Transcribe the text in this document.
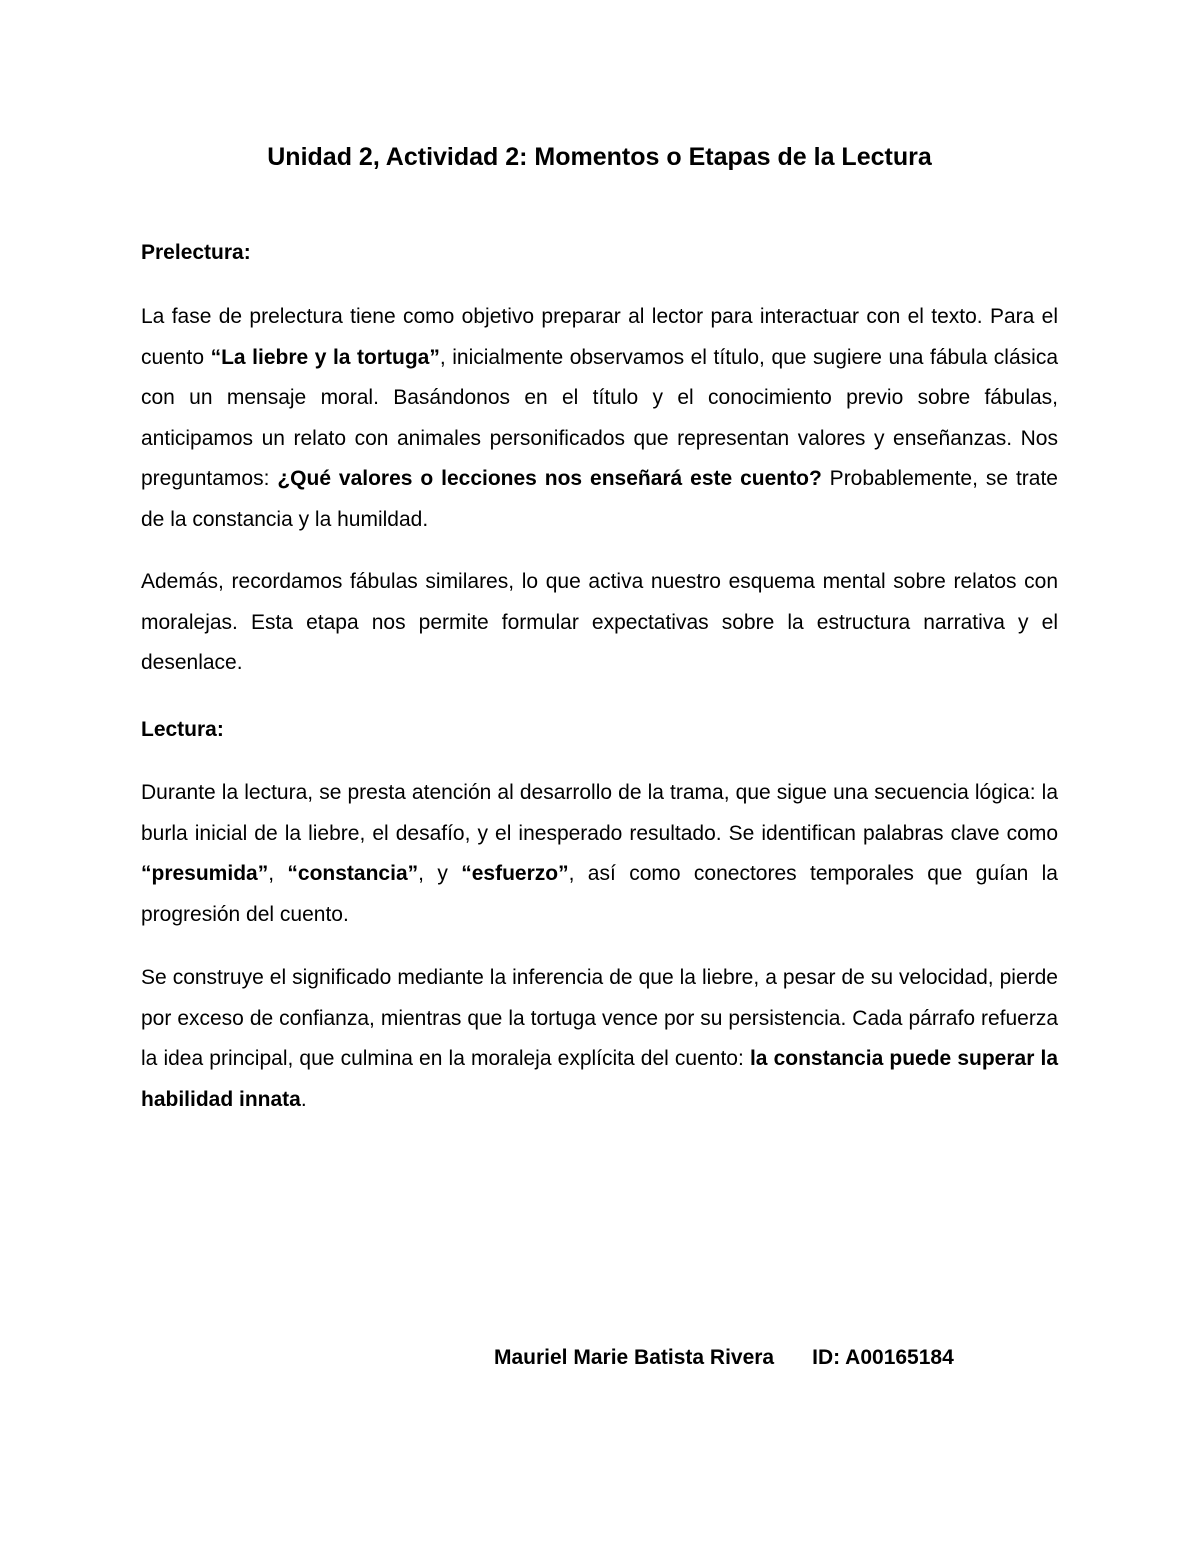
Unidad 2, Actividad 2: Momentos o Etapas de la Lectura
Prelectura:

La fase de prelectura tiene como objetivo preparar al lector para interactuar con el texto. Para el cuento “La liebre y la tortuga”, inicialmente observamos el título, que sugiere una fábula clásica con un mensaje moral. Basándonos en el título y el conocimiento previo sobre fábulas, anticipamos un relato con animales personificados que representan valores y enseñanzas. Nos preguntamos: ¿Qué valores o lecciones nos enseñará este cuento? Probablemente, se trate de la constancia y la humildad.

Además, recordamos fábulas similares, lo que activa nuestro esquema mental sobre relatos con moralejas. Esta etapa nos permite formular expectativas sobre la estructura narrativa y el desenlace.

Lectura:

Durante la lectura, se presta atención al desarrollo de la trama, que sigue una secuencia lógica: la burla inicial de la liebre, el desafío, y el inesperado resultado. Se identifican palabras clave como “presumida”, “constancia”, y “esfuerzo”, así como conectores temporales que guían la progresión del cuento.

Se construye el significado mediante la inferencia de que la liebre, a pesar de su velocidad, pierde por exceso de confianza, mientras que la tortuga vence por su persistencia. Cada párrafo refuerza la idea principal, que culmina en la moraleja explícita del cuento: la constancia puede superar la habilidad innata.

Mauriel Marie Batista Rivera ID: A00165184
